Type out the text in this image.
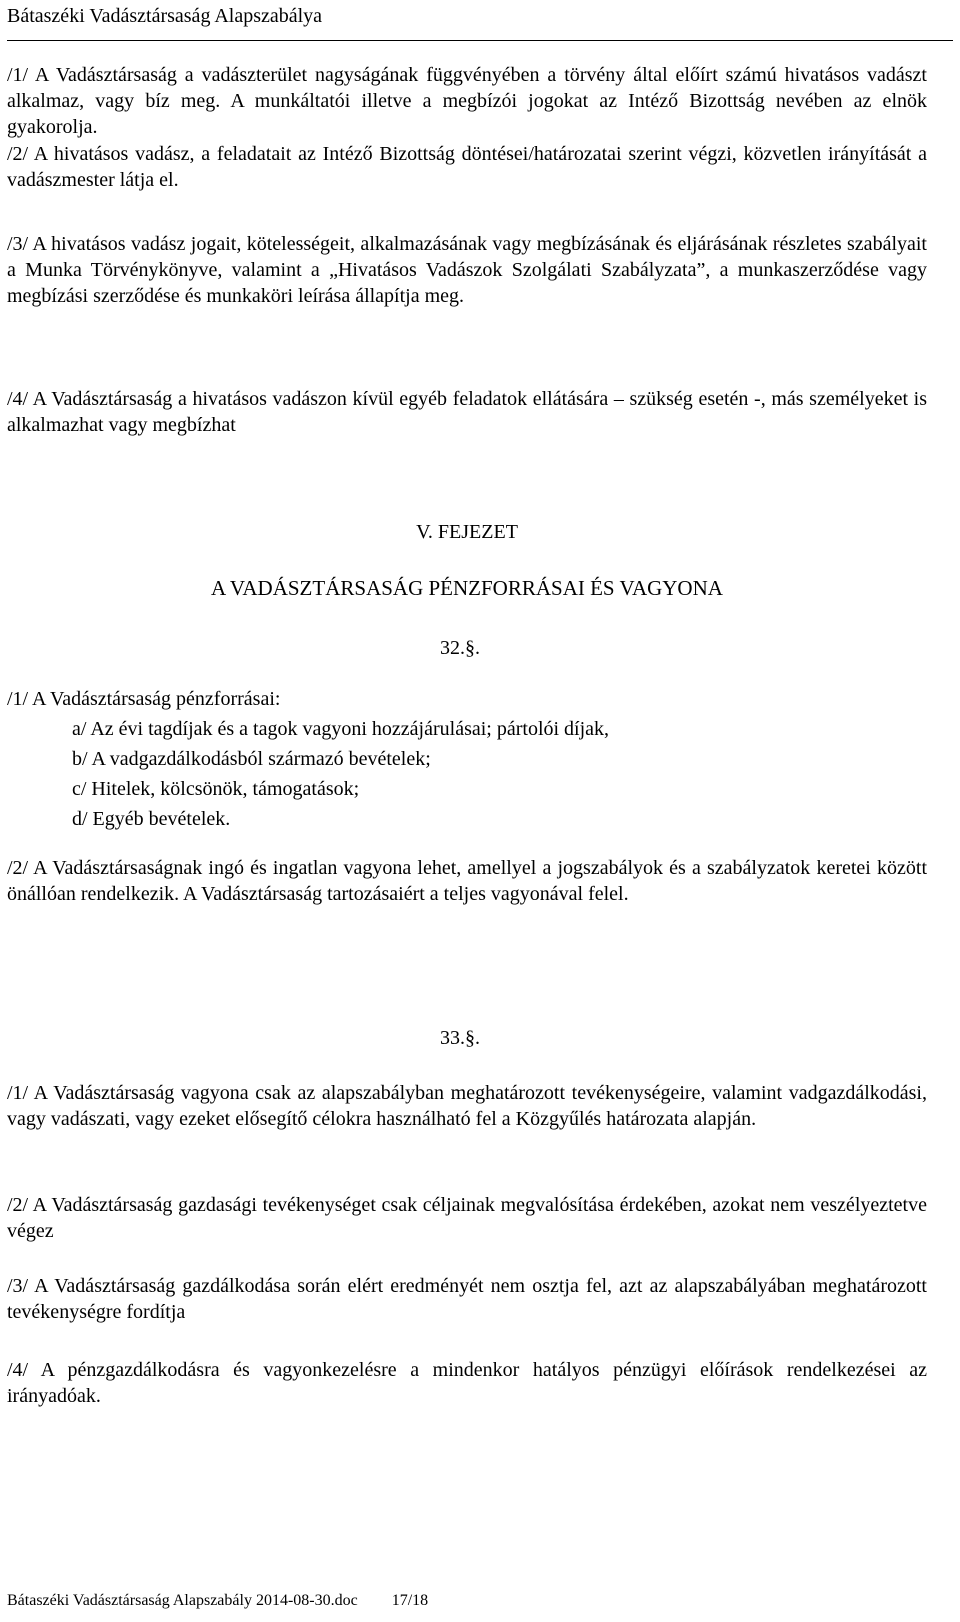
Bátaszéki Vadásztársaság Alapszabálya

/1/ A Vadásztársaság a vadászterület nagyságának függvényében a törvény által előírt számú hivatásos vadászt alkalmaz, vagy bíz meg. A munkáltatói illetve a megbízói jogokat az Intéző Bizottság nevében az elnök gyakorolja.

/2/ A hivatásos vadász, a feladatait az Intéző Bizottság döntései/határozatai szerint végzi, közvetlen irányítását a vadászmester látja el.

/3/ A hivatásos vadász jogait, kötelességeit, alkalmazásának vagy megbízásának és eljárásának részletes szabályait a Munka Törvénykönyve, valamint a „Hivatásos Vadászok Szolgálati Szabályzata”, a munkaszerződése vagy megbízási szerződése és munkaköri leírása állapítja meg.

/4/ A Vadásztársaság a hivatásos vadászon kívül egyéb feladatok ellátására – szükség esetén -, más személyeket is alkalmazhat vagy megbízhat

V. FEJEZET
A VADÁSZTÁRSASÁG PÉNZFORRÁSAI ÉS VAGYONA
32.§.
/1/ A Vadásztársaság pénzforrásai:
a/ Az évi tagdíjak és a tagok vagyoni hozzájárulásai; pártolói díjak,
b/ A vadgazdálkodásból származó bevételek;
c/ Hitelek, kölcsönök, támogatások;
d/ Egyéb bevételek.

/2/ A Vadásztársaságnak ingó és ingatlan vagyona lehet, amellyel a jogszabályok és a szabályzatok keretei között önállóan rendelkezik. A Vadásztársaság tartozásaiért a teljes vagyonával felel.

33.§.

/1/ A Vadásztársaság vagyona csak az alapszabályban meghatározott tevékenységeire, valamint vadgazdálkodási, vagy vadászati, vagy ezeket elősegítő célokra használható fel a Közgyűlés határozata alapján.

/2/ A Vadásztársaság gazdasági tevékenységet csak céljainak megvalósítása érdekében, azokat nem veszélyeztetve végez

/3/ A Vadásztársaság gazdálkodása során elért eredményét nem osztja fel, azt az alapszabályában meghatározott tevékenységre fordítja

/4/ A pénzgazdálkodásra és vagyonkezelésre a mindenkor hatályos pénzügyi előírások rendelkezései az irányadóak.

Bátaszéki Vadásztársaság Alapszabály 2014-08-30.doc 17/18
